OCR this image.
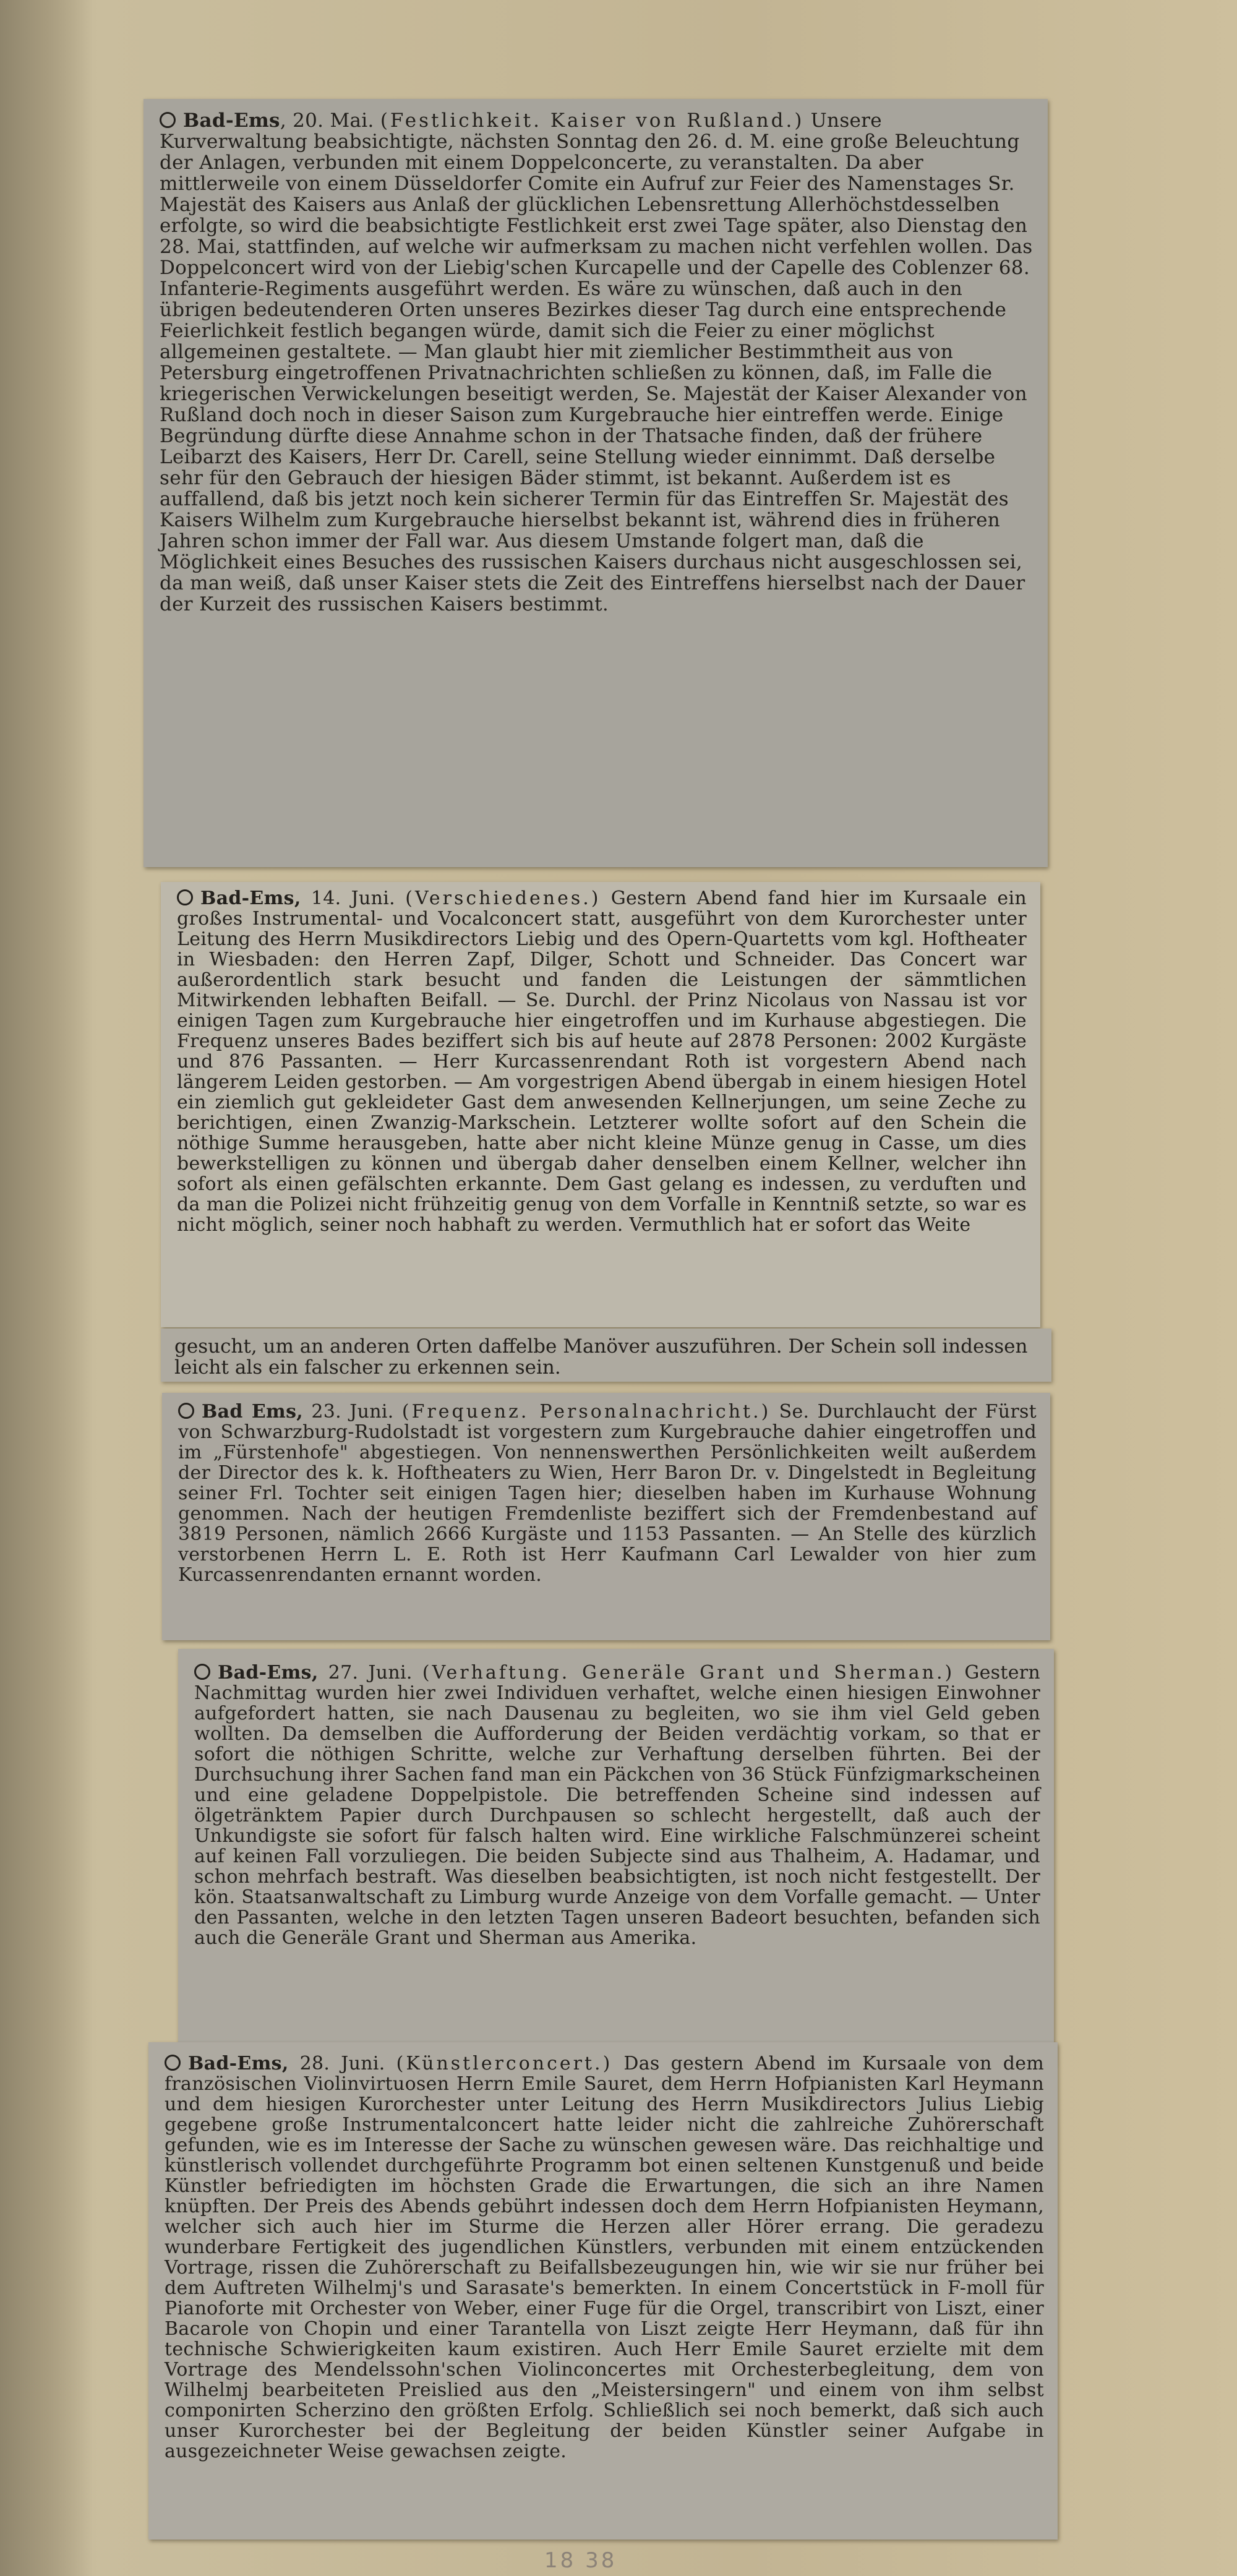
Bad-Ems, 20. Mai. (Festlichkeit. Kaiser von Rußland.) Unsere Kurverwaltung beabsichtigte, nächsten Sonntag den 26. d. M. eine große Beleuchtung der Anlagen, verbunden mit einem Doppelconcerte, zu veranstalten. Da aber mittlerweile von einem Düsseldorfer Comite ein Aufruf zur Feier des Namenstages Sr. Majestät des Kaisers aus Anlaß der glücklichen Lebensrettung Allerhöchstdesselben erfolgte, so wird die beabsichtigte Festlichkeit erst zwei Tage später, also Dienstag den 28. Mai, stattfinden, auf welche wir aufmerksam zu machen nicht verfehlen wollen. Das Doppelconcert wird von der Liebig'schen Kurcapelle und der Capelle des Coblenzer 68. Infanterie-Regiments ausgeführt werden. Es wäre zu wünschen, daß auch in den übrigen bedeutenderen Orten unseres Bezirkes dieser Tag durch eine entsprechende Feierlichkeit festlich begangen würde, damit sich die Feier zu einer möglichst allgemeinen gestaltete. — Man glaubt hier mit ziemlicher Bestimmtheit aus von Petersburg eingetroffenen Privatnachrichten schließen zu können, daß, im Falle die kriegerischen Verwickelungen beseitigt werden, Se. Majestät der Kaiser Alexander von Rußland doch noch in dieser Saison zum Kurgebrauche hier eintreffen werde. Einige Begründung dürfte diese Annahme schon in der Thatsache finden, daß der frühere Leibarzt des Kaisers, Herr Dr. Carell, seine Stellung wieder einnimmt. Daß derselbe sehr für den Gebrauch der hiesigen Bäder stimmt, ist bekannt. Außerdem ist es auffallend, daß bis jetzt noch kein sicherer Termin für das Eintreffen Sr. Majestät des Kaisers Wilhelm zum Kurgebrauche hierselbst bekannt ist, während dies in früheren Jahren schon immer der Fall war. Aus diesem Umstande folgert man, daß die Möglichkeit eines Besuches des russischen Kaisers durchaus nicht ausgeschlossen sei, da man weiß, daß unser Kaiser stets die Zeit des Eintreffens hierselbst nach der Dauer der Kurzeit des russischen Kaisers bestimmt.

Bad-Ems, 14. Juni. (Verschiedenes.) Gestern Abend fand hier im Kursaale ein großes Instrumental- und Vocalconcert statt, ausgeführt von dem Kurorchester unter Leitung des Herrn Musikdirectors Liebig und des Opern-Quartetts vom kgl. Hoftheater in Wiesbaden: den Herren Zapf, Dilger, Schott und Schneider. Das Concert war außerordentlich stark besucht und fanden die Leistungen der sämmtlichen Mitwirkenden lebhaften Beifall. — Se. Durchl. der Prinz Nicolaus von Nassau ist vor einigen Tagen zum Kurgebrauche hier eingetroffen und im Kurhause abgestiegen. Die Frequenz unseres Bades beziffert sich bis auf heute auf 2878 Personen: 2002 Kurgäste und 876 Passanten. — Herr Kurcassenrendant Roth ist vorgestern Abend nach längerem Leiden gestorben. — Am vorgestrigen Abend übergab in einem hiesigen Hotel ein ziemlich gut gekleideter Gast dem anwesenden Kellnerjungen, um seine Zeche zu berichtigen, einen Zwanzig-Markschein. Letzterer wollte sofort auf den Schein die nöthige Summe herausgeben, hatte aber nicht kleine Münze genug in Casse, um dies bewerkstelligen zu können und übergab daher denselben einem Kellner, welcher ihn sofort als einen gefälschten erkannte. Dem Gast gelang es indessen, zu verduften und da man die Polizei nicht frühzeitig genug von dem Vorfalle in Kenntniß setzte, so war es nicht möglich, seiner noch habhaft zu werden. Vermuthlich hat er sofort das Weite

gesucht, um an anderen Orten daffelbe Manöver auszuführen. Der Schein soll indessen leicht als ein falscher zu erkennen sein.

Bad Ems, 23. Juni. (Frequenz. Personalnachricht.) Se. Durchlaucht der Fürst von Schwarzburg-Rudolstadt ist vorgestern zum Kurgebrauche dahier eingetroffen und im „Fürstenhofe" abgestiegen. Von nennenswerthen Persönlichkeiten weilt außerdem der Director des k. k. Hoftheaters zu Wien, Herr Baron Dr. v. Dingelstedt in Begleitung seiner Frl. Tochter seit einigen Tagen hier; dieselben haben im Kurhause Wohnung genommen. Nach der heutigen Fremdenliste beziffert sich der Fremdenbestand auf 3819 Personen, nämlich 2666 Kurgäste und 1153 Passanten. — An Stelle des kürzlich verstorbenen Herrn L. E. Roth ist Herr Kaufmann Carl Lewalder von hier zum Kurcassenrendanten ernannt worden.

Bad-Ems, 27. Juni. (Verhaftung. Generäle Grant und Sherman.) Gestern Nachmittag wurden hier zwei Individuen verhaftet, welche einen hiesigen Einwohner aufgefordert hatten, sie nach Dausenau zu begleiten, wo sie ihm viel Geld geben wollten. Da demselben die Aufforderung der Beiden verdächtig vorkam, so that er sofort die nöthigen Schritte, welche zur Verhaftung derselben führten. Bei der Durchsuchung ihrer Sachen fand man ein Päckchen von 36 Stück Fünfzigmarkscheinen und eine geladene Doppelpistole. Die betreffenden Scheine sind indessen auf ölgetränktem Papier durch Durchpausen so schlecht hergestellt, daß auch der Unkundigste sie sofort für falsch halten wird. Eine wirkliche Falschmünzerei scheint auf keinen Fall vorzuliegen. Die beiden Subjecte sind aus Thalheim, A. Hadamar, und schon mehrfach bestraft. Was dieselben beabsichtigten, ist noch nicht festgestellt. Der kön. Staatsanwaltschaft zu Limburg wurde Anzeige von dem Vorfalle gemacht. — Unter den Passanten, welche in den letzten Tagen unseren Badeort besuchten, befanden sich auch die Generäle Grant und Sherman aus Amerika.

Bad-Ems, 28. Juni. (Künstlerconcert.) Das gestern Abend im Kursaale von dem französischen Violinvirtuosen Herrn Emile Sauret, dem Herrn Hofpianisten Karl Heymann und dem hiesigen Kurorchester unter Leitung des Herrn Musikdirectors Julius Liebig gegebene große Instrumentalconcert hatte leider nicht die zahlreiche Zuhörerschaft gefunden, wie es im Interesse der Sache zu wünschen gewesen wäre. Das reichhaltige und künstlerisch vollendet durchgeführte Programm bot einen seltenen Kunstgenuß und beide Künstler befriedigten im höchsten Grade die Erwartungen, die sich an ihre Namen knüpften. Der Preis des Abends gebührt indessen doch dem Herrn Hofpianisten Heymann, welcher sich auch hier im Sturme die Herzen aller Hörer errang. Die geradezu wunderbare Fertigkeit des jugendlichen Künstlers, verbunden mit einem entzückenden Vortrage, rissen die Zuhörerschaft zu Beifallsbezeugungen hin, wie wir sie nur früher bei dem Auftreten Wilhelmj's und Sarasate's bemerkten. In einem Concertstück in F-moll für Pianoforte mit Orchester von Weber, einer Fuge für die Orgel, transcribirt von Liszt, einer Bacarole von Chopin und einer Tarantella von Liszt zeigte Herr Heymann, daß für ihn technische Schwierigkeiten kaum existiren. Auch Herr Emile Sauret erzielte mit dem Vortrage des Mendelssohn'schen Violinconcertes mit Orchesterbegleitung, dem von Wilhelmj bearbeiteten Preislied aus den „Meistersingern" und einem von ihm selbst componirten Scherzino den größten Erfolg. Schließlich sei noch bemerkt, daß sich auch unser Kurorchester bei der Begleitung der beiden Künstler seiner Aufgabe in ausgezeichneter Weise gewachsen zeigte.

18 38
